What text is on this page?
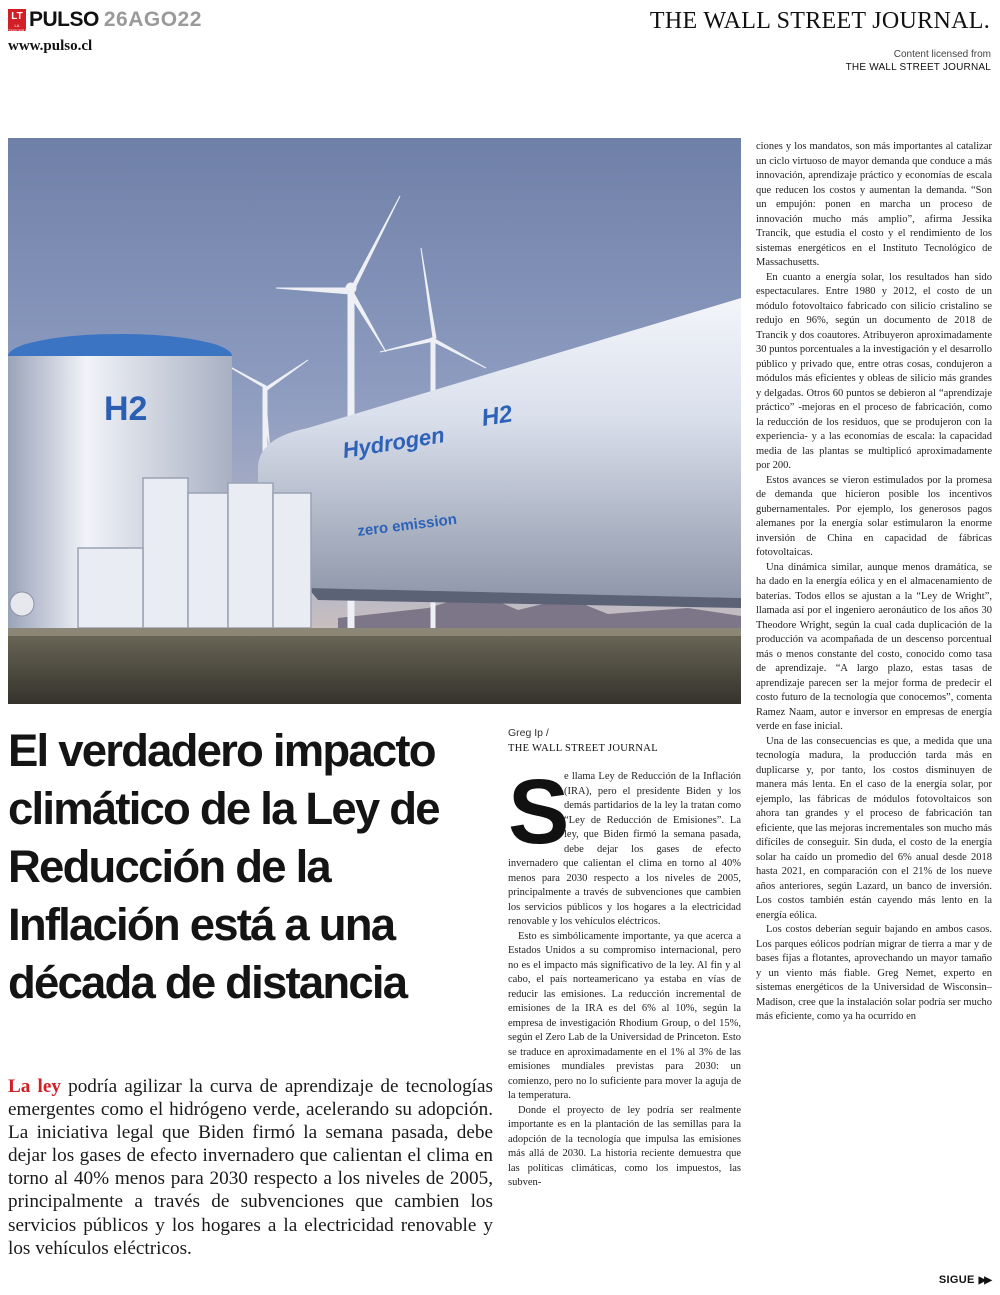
LT
LA TERCERA PULSO 26AGO22
www.pulso.cl
THE WALL STREET JOURNAL.
Content licensed from
THE WALL STREET JOURNAL
Hydrogen
H2
zero emission
H2
El verdadero impacto climático de la Ley de Reducción de la Inflación está a una década de distancia

La ley podría agilizar la curva de aprendizaje de tecnologías emergentes como el hidrógeno verde, acelerando su adopción. La iniciativa legal que Biden firmó la semana pasada, debe dejar los gases de efecto invernadero que calientan el clima en torno al 40% menos para 2030 respecto a los niveles de 2005, principalmente a través de subvenciones que cambien los servicios públicos y los hogares a la electricidad renovable y los vehículos eléctricos.

Greg Ip /
THE WALL STREET JOURNAL

S
e llama Ley de Reducción de la Inflación (IRA), pero el presidente Biden y los demás partidarios de la ley la tratan como “Ley de Reducción de Emisiones”. La ley, que Biden firmó la semana pasada, debe dejar los gases de efecto invernadero que calientan el clima en torno al 40% menos para 2030 respecto a los niveles de 2005, principalmente a través de subvenciones que cambien los servicios públicos y los hogares a la electricidad renovable y los vehículos eléctricos.

Esto es simbólicamente importante, ya que acerca a Estados Unidos a su compromiso internacional, pero no es el impacto más significativo de la ley. Al fin y al cabo, el país norteamericano ya estaba en vías de reducir las emisiones. La reducción incremental de emisiones de la IRA es del 6% al 10%, según la empresa de investigación Rhodium Group, o del 15%, según el Zero Lab de la Universidad de Princeton. Esto se traduce en aproximadamente en el 1% al 3% de las emisiones mundiales previstas para 2030: un comienzo, pero no lo suficiente para mover la aguja de la temperatura.

Donde el proyecto de ley podría ser realmente importante es en la plantación de las semillas para la adopción de la tecnología que impulsa las emisiones más allá de 2030. La historia reciente demuestra que las políticas climáticas, como los impuestos, las subven-

ciones y los mandatos, son más importantes al catalizar un ciclo virtuoso de mayor demanda que conduce a más innovación, aprendizaje práctico y economías de escala que reducen los costos y aumentan la demanda. “Son un empujón: ponen en marcha un proceso de innovación mucho más amplio”, afirma Jessika Trancik, que estudia el costo y el rendimiento de los sistemas energéticos en el Instituto Tecnológico de Massachusetts.

En cuanto a energía solar, los resultados han sido espectaculares. Entre 1980 y 2012, el costo de un módulo fotovoltaico fabricado con silicio cristalino se redujo en 96%, según un documento de 2018 de Trancik y dos coautores. Atribuyeron aproximadamente 30 puntos porcentuales a la investigación y el desarrollo público y privado que, entre otras cosas, condujeron a módulos más eficientes y obleas de silicio más grandes y delgadas. Otros 60 puntos se debieron al “aprendizaje práctico” -mejoras en el proceso de fabricación, como la reducción de los residuos, que se produjeron con la experiencia- y a las economías de escala: la capacidad media de las plantas se multiplicó aproximadamente por 200.

Estos avances se vieron estimulados por la promesa de demanda que hicieron posible los incentivos gubernamentales. Por ejemplo, los generosos pagos alemanes por la energía solar estimularon la enorme inversión de China en capacidad de fábricas fotovoltaicas.

Una dinámica similar, aunque menos dramática, se ha dado en la energía eólica y en el almacenamiento de baterías. Todos ellos se ajustan a la “Ley de Wright”, llamada así por el ingeniero aeronáutico de los años 30 Theodore Wright, según la cual cada duplicación de la producción va acompañada de un descenso porcentual más o menos constante del costo, conocido como tasa de aprendizaje. “A largo plazo, estas tasas de aprendizaje parecen ser la mejor forma de predecir el costo futuro de la tecnología que conocemos”, comenta Ramez Naam, autor e inversor en empresas de energía verde en fase inicial.

Una de las consecuencias es que, a medida que una tecnología madura, la producción tarda más en duplicarse y, por tanto, los costos disminuyen de manera más lenta. En el caso de la energía solar, por ejemplo, las fábricas de módulos fotovoltaicos son ahora tan grandes y el proceso de fabricación tan eficiente, que las mejoras incrementales son mucho más difíciles de conseguir. Sin duda, el costo de la energía solar ha caído un promedio del 6% anual desde 2018 hasta 2021, en comparación con el 21% de los nueve años anteriores, según Lazard, un banco de inversión. Los costos también están cayendo más lento en la energía eólica.

Los costos deberían seguir bajando en ambos casos. Los parques eólicos podrían migrar de tierra a mar y de bases fijas a flotantes, aprovechando un mayor tamaño y un viento más fiable. Greg Nemet, experto en sistemas energéticos de la Universidad de Wisconsin–Madison, cree que la instalación solar podría ser mucho más eficiente, como ya ha ocurrido en

SIGUE ▶▶
